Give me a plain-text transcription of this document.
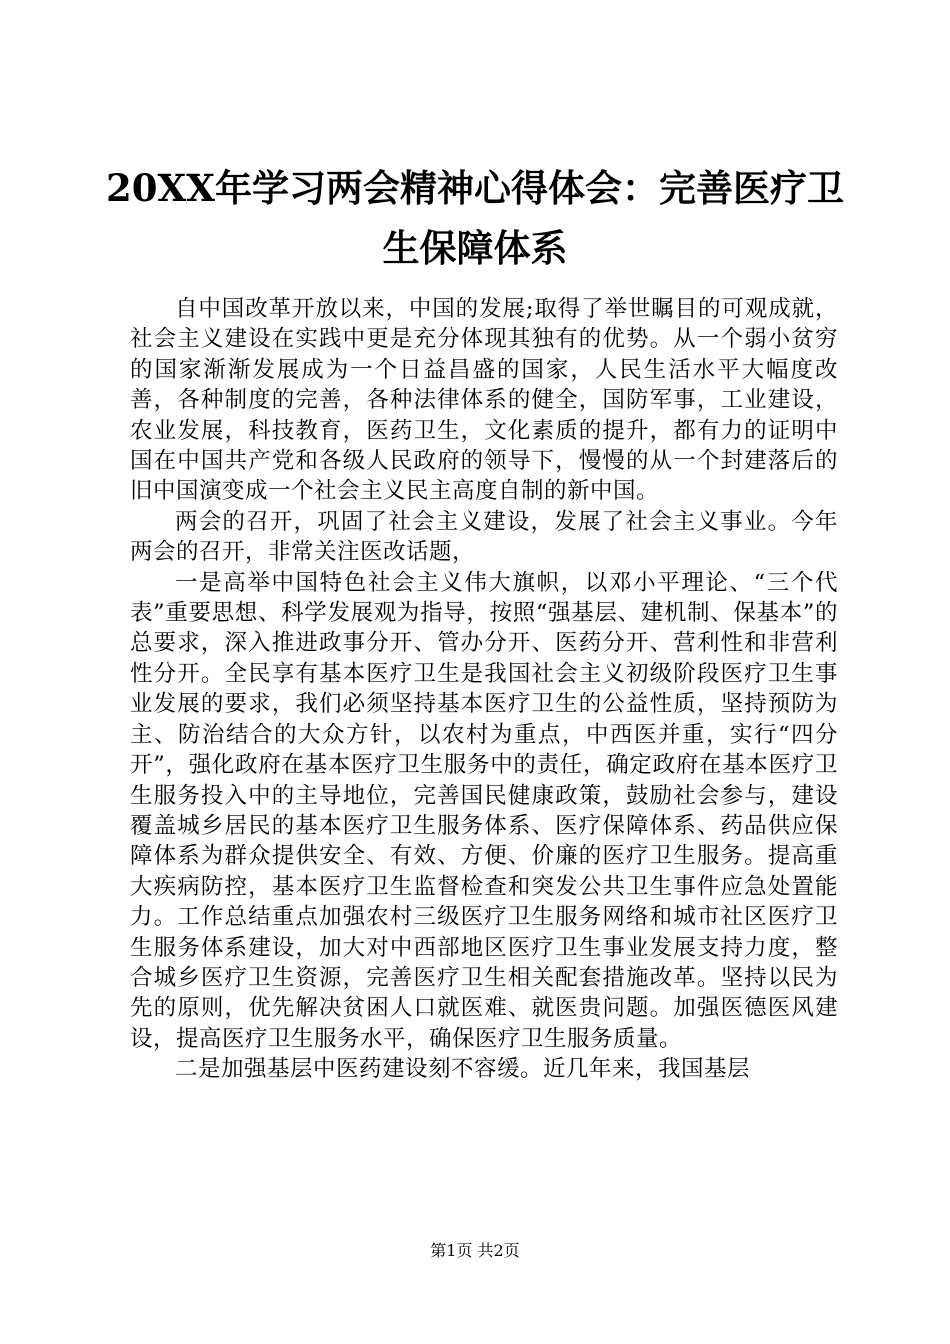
20XX年学习两会精神心得体会：完善医疗卫生保障体系

自中国改革开放以来，中国的发展;取得了举世瞩目的可观成就，社会主义建设在实践中更是充分体现其独有的优势。从一个弱小贫穷的国家渐渐发展成为一个日益昌盛的国家，人民生活水平大幅度改善，各种制度的完善，各种法律体系的健全，国防军事，工业建设，农业发展，科技教育，医药卫生，文化素质的提升，都有力的证明中国在中国共产党和各级人民政府的领导下，慢慢的从一个封建落后的旧中国演变成一个社会主义民主高度自制的新中国。

两会的召开，巩固了社会主义建设，发展了社会主义事业。今年两会的召开，非常关注医改话题，

一是高举中国特色社会主义伟大旗帜，以邓小平理论、“三个代表”重要思想、科学发展观为指导，按照“强基层、建机制、保基本”的总要求，深入推进政事分开、管办分开、医药分开、营利性和非营利性分开。全民享有基本医疗卫生是我国社会主义初级阶段医疗卫生事业发展的要求，我们必须坚持基本医疗卫生的公益性质，坚持预防为主、防治结合的大众方针，以农村为重点，中西医并重，实行“四分开”，强化政府在基本医疗卫生服务中的责任，确定政府在基本医疗卫生服务投入中的主导地位，完善国民健康政策，鼓励社会参与，建设覆盖城乡居民的基本医疗卫生服务体系、医疗保障体系、药品供应保障体系为群众提供安全、有效、方便、价廉的医疗卫生服务。提高重大疾病防控，基本医疗卫生监督检查和突发公共卫生事件应急处置能力。工作总结重点加强农村三级医疗卫生服务网络和城市社区医疗卫生服务体系建设，加大对中西部地区医疗卫生事业发展支持力度，整合城乡医疗卫生资源，完善医疗卫生相关配套措施改革。坚持以民为先的原则，优先解决贫困人口就医难、就医贵问题。加强医德医风建设，提高医疗卫生服务水平，确保医疗卫生服务质量。

二是加强基层中医药建设刻不容缓。近几年来，我国基层

第1页 共2页
